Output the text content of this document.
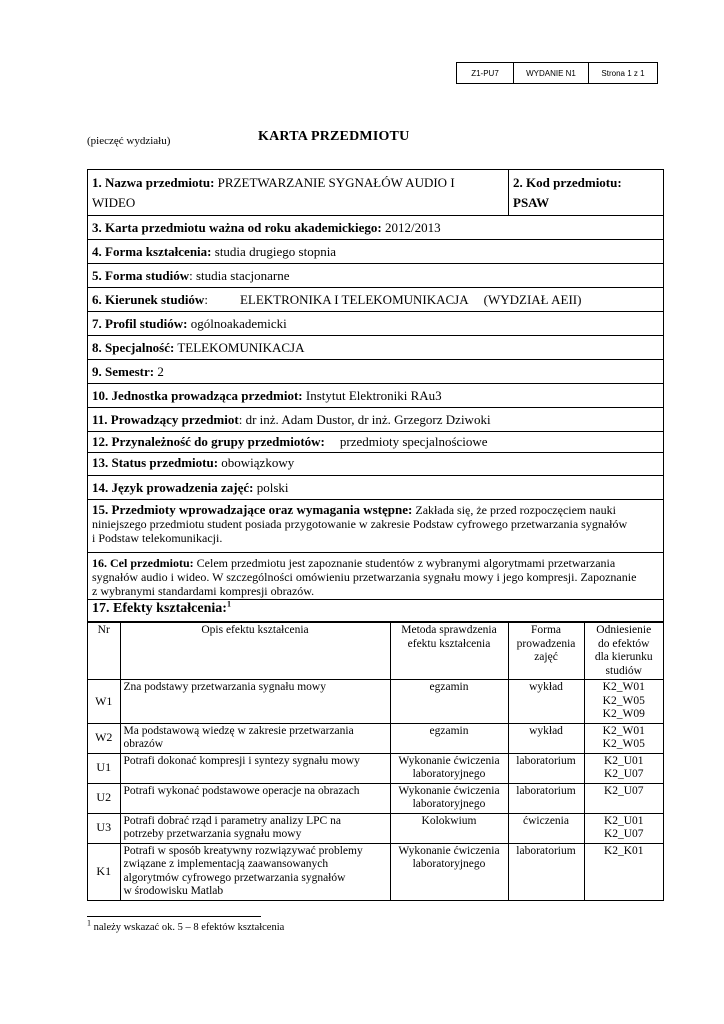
Z1-PU7	WYDANIE N1	Strona 1 z 1
(pieczęć wydziału)	KARTA PRZEDMIOTU
1. Nazwa przedmiotu: PRZETWARZANIE SYGNAŁÓW AUDIO I
WIDEO
2. Kod przedmiotu:
PSAW
3. Karta przedmiotu ważna od roku akademickiego: 2012/2013
4. Forma kształcenia: studia drugiego stopnia
5. Forma studiów: studia stacjonarne
6. Kierunek studiów: ELEKTRONIKA I TELEKOMUNIKACJA (WYDZIAŁ AEII)
7. Profil studiów: ogólnoakademicki
8. Specjalność: TELEKOMUNIKACJA
9. Semestr: 2
10. Jednostka prowadząca przedmiot: Instytut Elektroniki RAu3
11. Prowadzący przedmiot: dr inż. Adam Dustor, dr inż. Grzegorz Dziwoki
12. Przynależność do grupy przedmiotów: przedmioty specjalnościowe
13. Status przedmiotu: obowiązkowy
14. Język prowadzenia zajęć: polski
15. Przedmioty wprowadzające oraz wymagania wstępne: Zakłada się, że przed rozpoczęciem nauki
niniejszego przedmiotu student posiada przygotowanie w zakresie Podstaw cyfrowego przetwarzania sygnałów
i Podstaw telekomunikacji.
16. Cel przedmiotu: Celem przedmiotu jest zapoznanie studentów z wybranymi algorytmami przetwarzania
sygnałów audio i wideo. W szczególności omówieniu przetwarzania sygnału mowy i jego kompresji. Zapoznanie
z wybranymi standardami kompresji obrazów.
17. Efekty kształcenia:$^1$
Nr	Opis efektu kształcenia	Metoda sprawdzenia
efektu kształcenia	Forma
prowadzenia
zajęć	Odniesienie
do efektów
dla kierunku
studiów
W1	Zna podstawy przetwarzania sygnału mowy	egzamin	wykład	K2_W01
K2_W05
K2_W09
W2	Ma podstawową wiedzę w zakresie przetwarzania
obrazów	egzamin	wykład	K2_W01
K2_W05
U1	Potrafi dokonać kompresji i syntezy sygnału mowy	Wykonanie ćwiczenia
laboratoryjnego	laboratorium	K2_U01
K2_U07
U2	Potrafi wykonać podstawowe operacje na obrazach	Wykonanie ćwiczenia
laboratoryjnego	laboratorium	K2_U07
U3	Potrafi dobrać rząd i parametry analizy LPC na
potrzeby przetwarzania sygnału mowy	Kolokwium	ćwiczenia	K2_U01
K2_U07
K1	Potrafi w sposób kreatywny rozwiązywać problemy
związane z implementacją zaawansowanych
algorytmów cyfrowego przetwarzania sygnałów
w środowisku Matlab	Wykonanie ćwiczenia
laboratoryjnego	laboratorium	K2_K01
$^1$ należy wskazać ok. 5 – 8 efektów kształcenia
